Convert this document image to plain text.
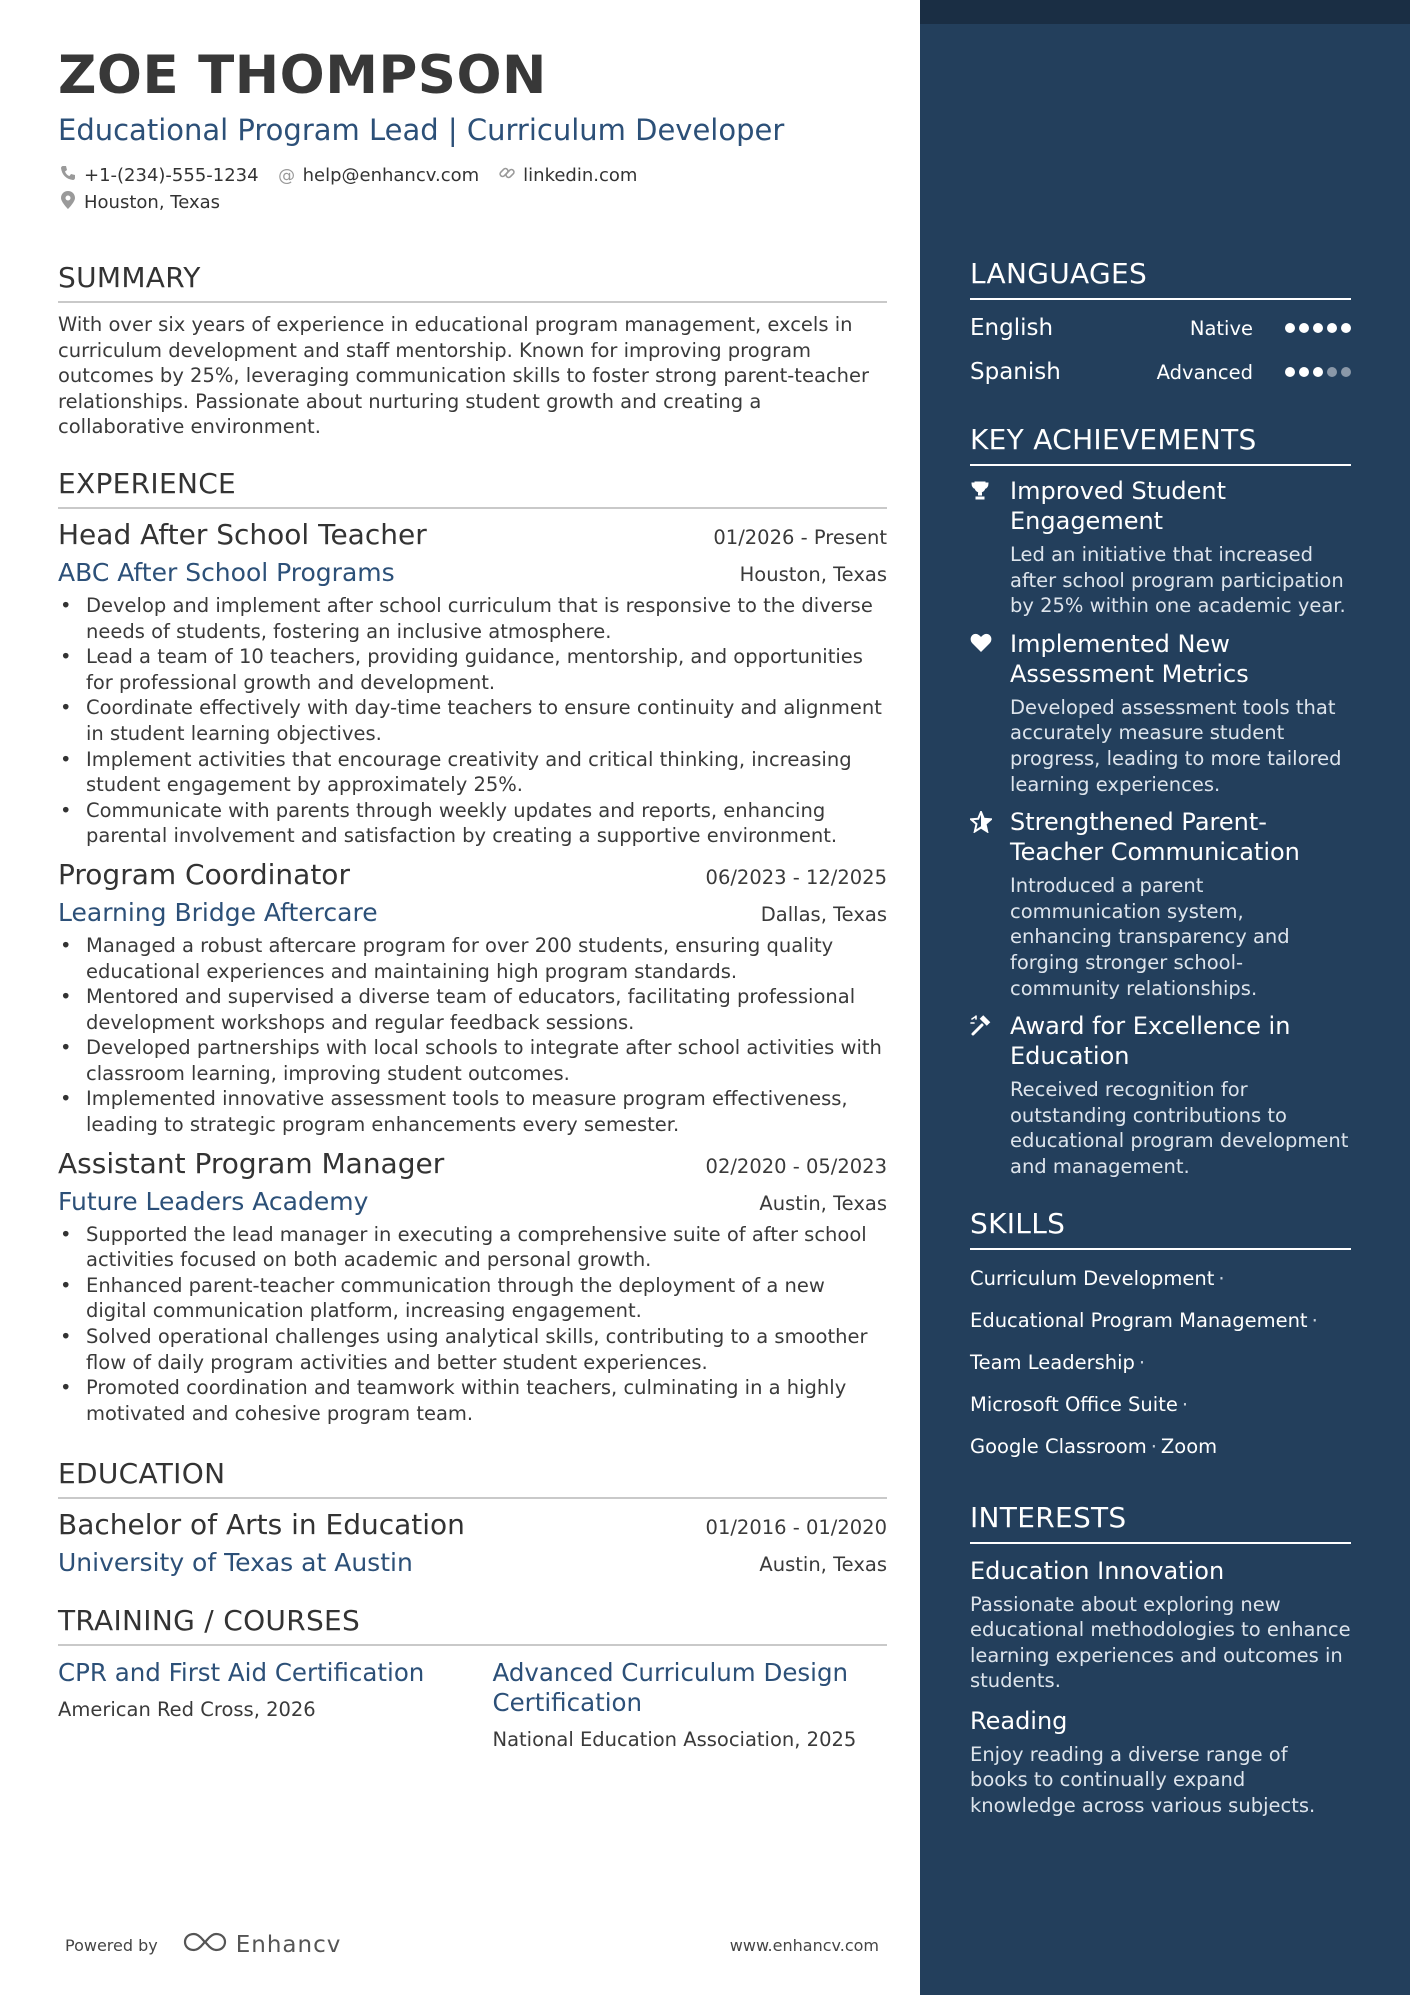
ZOE THOMPSON
Educational Program Lead | Curriculum Developer
+1-(234)-555-1234 @ help@enhancv.com linkedin.com
Houston, Texas
SUMMARY
With over six years of experience in educational program management, excels in curriculum development and staff mentorship. Known for improving program outcomes by 25%, leveraging communication skills to foster strong parent-teacher relationships. Passionate about nurturing student growth and creating a collaborative environment.
EXPERIENCE
Head After School Teacher	01/2026 - Present
ABC After School Programs	Houston, Texas
• Develop and implement after school curriculum that is responsive to the diverse needs of students, fostering an inclusive atmosphere.
• Lead a team of 10 teachers, providing guidance, mentorship, and opportunities for professional growth and development.
• Coordinate effectively with day-time teachers to ensure continuity and alignment in student learning objectives.
• Implement activities that encourage creativity and critical thinking, increasing student engagement by approximately 25%.
• Communicate with parents through weekly updates and reports, enhancing parental involvement and satisfaction by creating a supportive environment.
Program Coordinator	06/2023 - 12/2025
Learning Bridge Aftercare	Dallas, Texas
• Managed a robust aftercare program for over 200 students, ensuring quality educational experiences and maintaining high program standards.
• Mentored and supervised a diverse team of educators, facilitating professional development workshops and regular feedback sessions.
• Developed partnerships with local schools to integrate after school activities with classroom learning, improving student outcomes.
• Implemented innovative assessment tools to measure program effectiveness, leading to strategic program enhancements every semester.
Assistant Program Manager	02/2020 - 05/2023
Future Leaders Academy	Austin, Texas
• Supported the lead manager in executing a comprehensive suite of after school activities focused on both academic and personal growth.
• Enhanced parent-teacher communication through the deployment of a new digital communication platform, increasing engagement.
• Solved operational challenges using analytical skills, contributing to a smoother flow of daily program activities and better student experiences.
• Promoted coordination and teamwork within teachers, culminating in a highly motivated and cohesive program team.
EDUCATION
Bachelor of Arts in Education	01/2016 - 01/2020
University of Texas at Austin	Austin, Texas
TRAINING / COURSES
CPR and First Aid Certification
American Red Cross, 2026
Advanced Curriculum Design Certification
National Education Association, 2025
Powered by	Enhancv	www.enhancv.com
LANGUAGES
English	Native
Spanish	Advanced
KEY ACHIEVEMENTS
Improved Student Engagement
Led an initiative that increased after school program participation by 25% within one academic year.
Implemented New Assessment Metrics
Developed assessment tools that accurately measure student progress, leading to more tailored learning experiences.
Strengthened Parent-Teacher Communication
Introduced a parent communication system, enhancing transparency and forging stronger school-community relationships.
Award for Excellence in Education
Received recognition for outstanding contributions to educational program development and management.
SKILLS
Curriculum Development ·
Educational Program Management ·
Team Leadership ·
Microsoft Office Suite ·
Google Classroom · Zoom
INTERESTS
Education Innovation
Passionate about exploring new educational methodologies to enhance learning experiences and outcomes in students.
Reading
Enjoy reading a diverse range of books to continually expand knowledge across various subjects.
